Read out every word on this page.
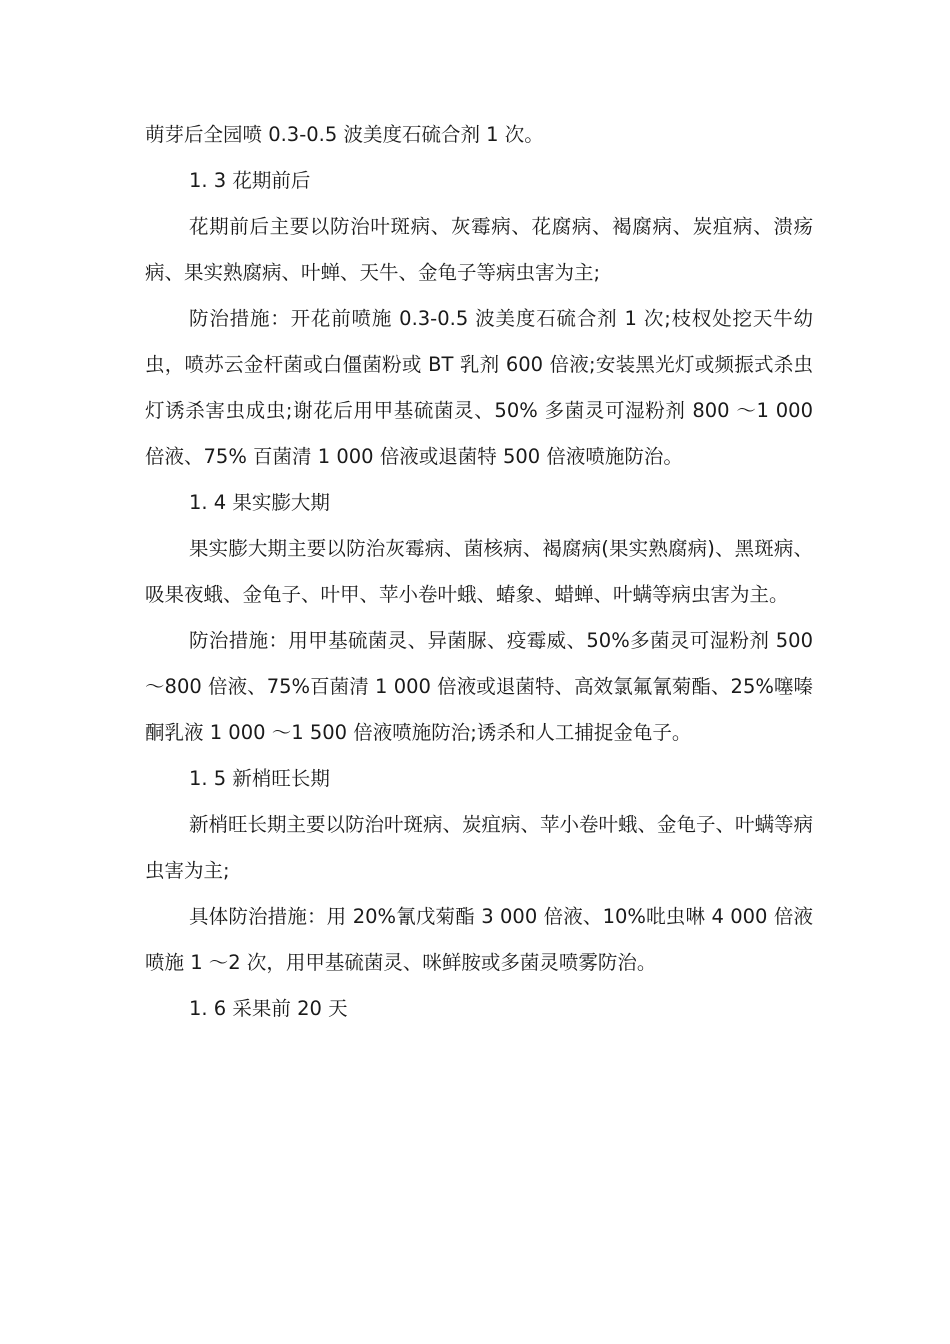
萌芽后全园喷 0.3-0.5 波美度石硫合剂 1 次。

1. 3 花期前后

花期前后主要以防治叶斑病、灰霉病、花腐病、褐腐病、炭疽病、溃疡病、果实熟腐病、叶蝉、天牛、金龟子等病虫害为主;

防治措施：开花前喷施 0.3-0.5 波美度石硫合剂 1 次;枝杈处挖天牛幼虫，喷苏云金杆菌或白僵菌粉或 BT 乳剂 600 倍液;安装黑光灯或频振式杀虫灯诱杀害虫成虫;谢花后用甲基硫菌灵、50% 多菌灵可湿粉剂 800 ～1 000 倍液、75% 百菌清 1 000 倍液或退菌特 500 倍液喷施防治。

1. 4 果实膨大期

果实膨大期主要以防治灰霉病、菌核病、褐腐病(果实熟腐病)、黑斑病、吸果夜蛾、金龟子、叶甲、苹小卷叶蛾、蝽象、蜡蝉、叶螨等病虫害为主。

防治措施：用甲基硫菌灵、异菌脲、疫霉威、50%多菌灵可湿粉剂 500 ～800 倍液、75%百菌清 1 000 倍液或退菌特、高效氯氟氰菊酯、25%噻嗪酮乳液 1 000 ～1 500 倍液喷施防治;诱杀和人工捕捉金龟子。

1. 5 新梢旺长期

新梢旺长期主要以防治叶斑病、炭疽病、苹小卷叶蛾、金龟子、叶螨等病虫害为主;

具体防治措施：用 20%氰戊菊酯 3 000 倍液、10%吡虫啉 4 000 倍液喷施 1 ～2 次，用甲基硫菌灵、咪鲜胺或多菌灵喷雾防治。

1. 6 采果前 20 天
